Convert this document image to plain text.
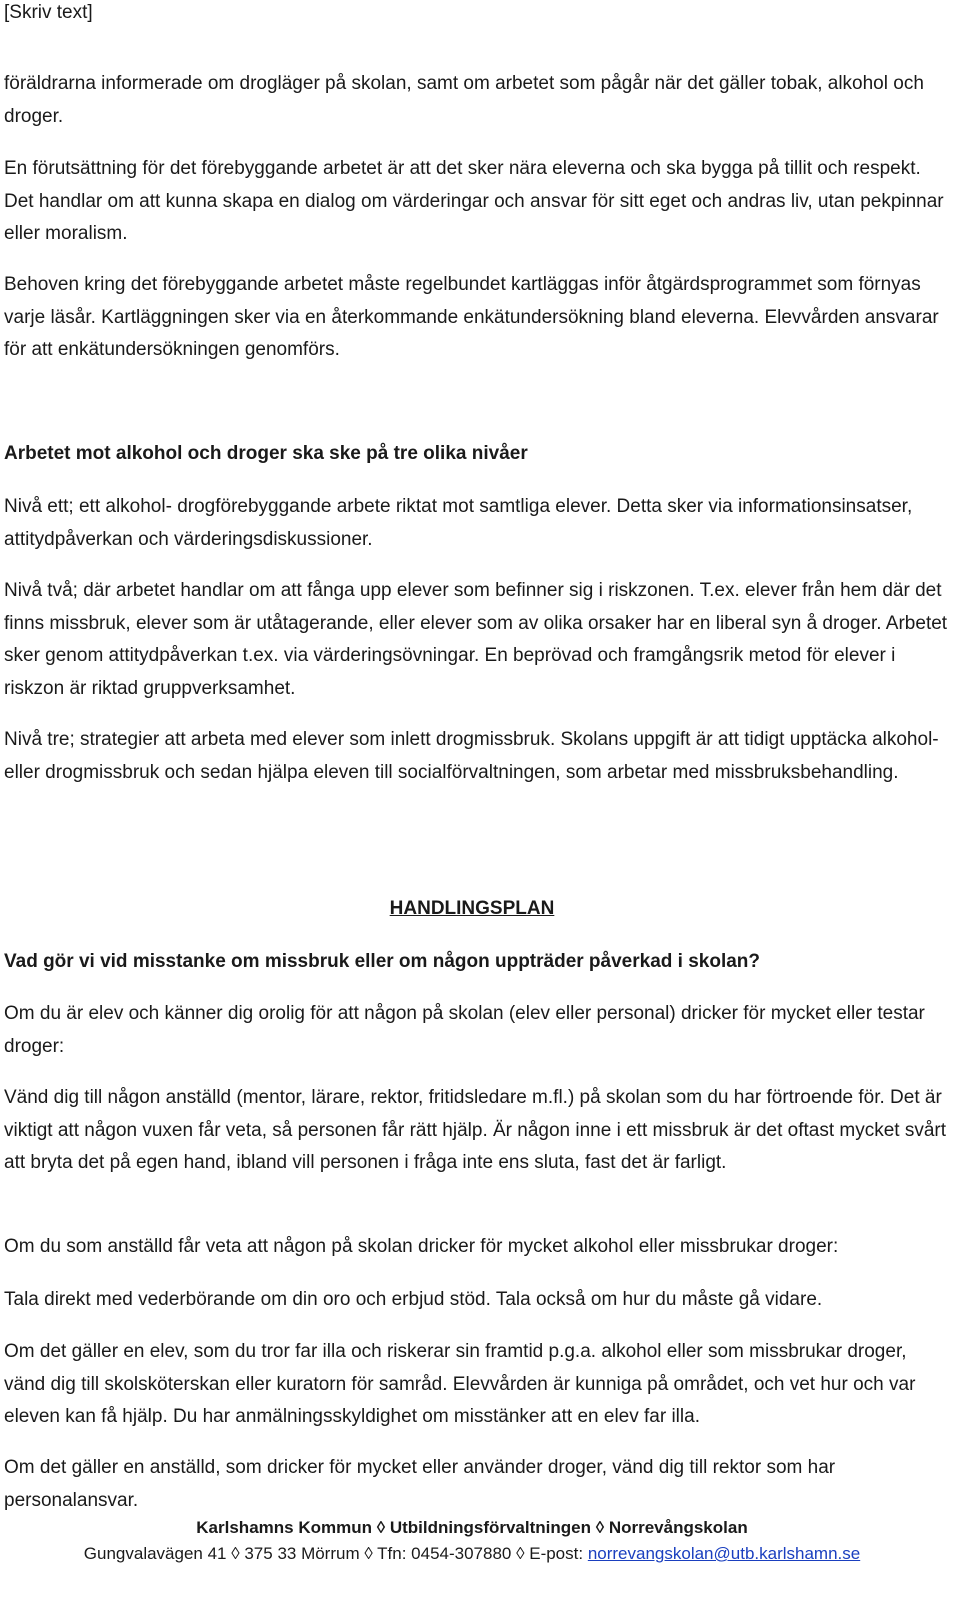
[Skriv text]

föräldrarna informerade om drogläger på skolan, samt om arbetet som pågår när det gäller tobak, alkohol och droger.

En förutsättning för det förebyggande arbetet är att det sker nära eleverna och ska bygga på tillit och respekt. Det handlar om att kunna skapa en dialog om värderingar och ansvar för sitt eget och andras liv, utan pekpinnar eller moralism.

Behoven kring det förebyggande arbetet måste regelbundet kartläggas inför åtgärdsprogrammet som förnyas varje läsår. Kartläggningen sker via en återkommande enkätundersökning bland eleverna. Elevvården ansvarar för att enkätundersökningen genomförs.

Arbetet mot alkohol och droger ska ske på tre olika nivåer

Nivå ett; ett alkohol- drogförebyggande arbete riktat mot samtliga elever. Detta sker via informationsinsatser, attitydpåverkan och värderingsdiskussioner.

Nivå två; där arbetet handlar om att fånga upp elever som befinner sig i riskzonen. T.ex. elever från hem där det finns missbruk, elever som är utåtagerande, eller elever som av olika orsaker har en liberal syn å droger. Arbetet sker genom attitydpåverkan t.ex. via värderingsövningar. En beprövad och framgångsrik metod för elever i riskzon är riktad gruppverksamhet.

Nivå tre; strategier att arbeta med elever som inlett drogmissbruk. Skolans uppgift är att tidigt upptäcka alkohol- eller drogmissbruk och sedan hjälpa eleven till socialförvaltningen, som arbetar med missbruksbehandling.

HANDLINGSPLAN

Vad gör vi vid misstanke om missbruk eller om någon uppträder påverkad i skolan?

Om du är elev och känner dig orolig för att någon på skolan (elev eller personal) dricker för mycket eller testar droger:

Vänd dig till någon anställd (mentor, lärare, rektor, fritidsledare m.fl.) på skolan som du har förtroende för. Det är viktigt att någon vuxen får veta, så personen får rätt hjälp. Är någon inne i ett missbruk är det oftast mycket svårt att bryta det på egen hand, ibland vill personen i fråga inte ens sluta, fast det är farligt.

Om du som anställd får veta att någon på skolan dricker för mycket alkohol eller missbrukar droger:

Tala direkt med vederbörande om din oro och erbjud stöd. Tala också om hur du måste gå vidare.

Om det gäller en elev, som du tror far illa och riskerar sin framtid p.g.a. alkohol eller som missbrukar droger, vänd dig till skolsköterskan eller kuratorn för samråd. Elevvården är kunniga på området, och vet hur och var eleven kan få hjälp. Du har anmälningsskyldighet om misstänker att en elev far illa.

Om det gäller en anställd, som dricker för mycket eller använder droger, vänd dig till rektor som har personalansvar.

Karlshamns Kommun ◊ Utbildningsförvaltningen ◊ Norrevångskolan
Gungvalavägen 41 ◊ 375 33 Mörrum ◊ Tfn: 0454-307880 ◊ E-post: norrevangskolan@utb.karlshamn.se
